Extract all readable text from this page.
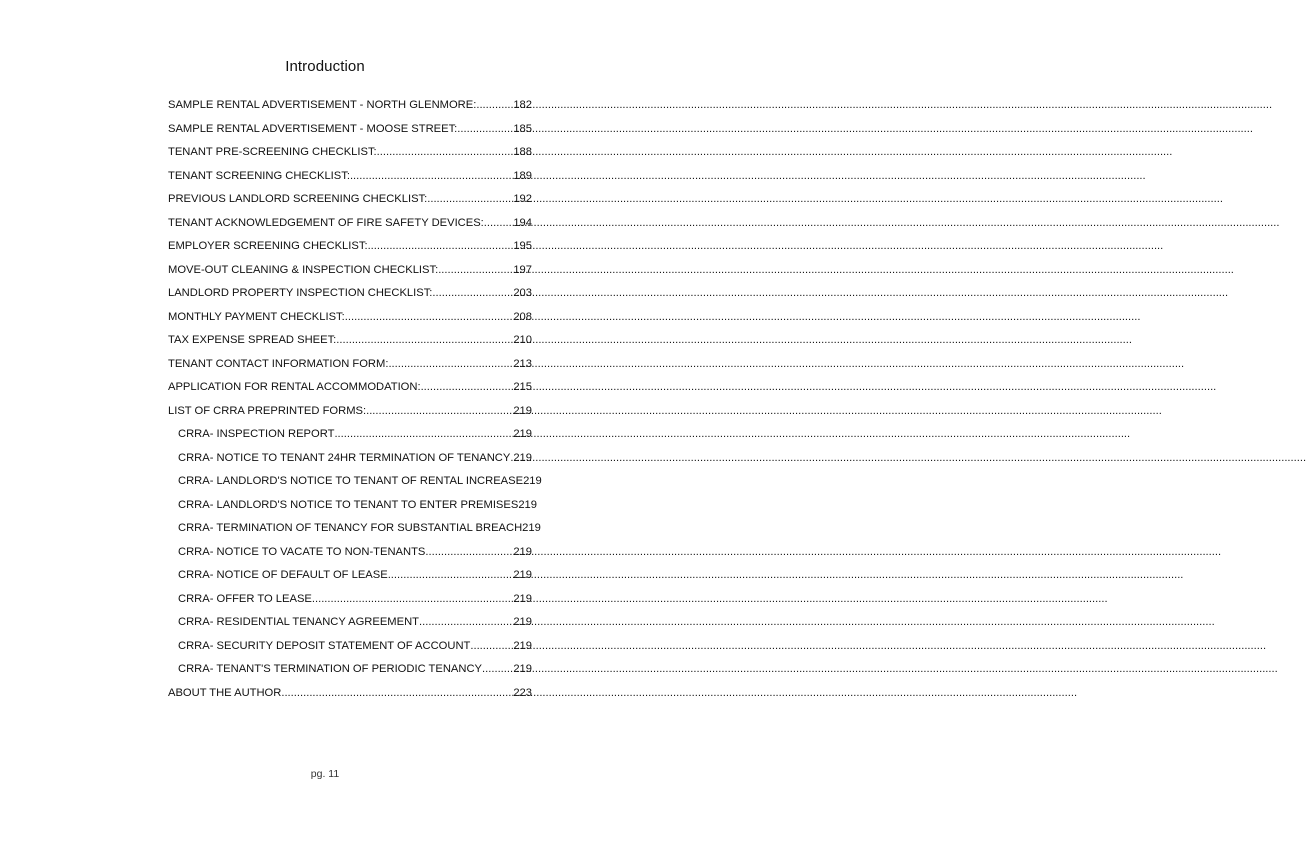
Introduction
SAMPLE RENTAL ADVERTISEMENT - NORTH GLENMORE: .....	182
SAMPLE RENTAL ADVERTISEMENT - MOOSE STREET: .....	185
TENANT PRE-SCREENING CHECKLIST: .....	188
TENANT SCREENING CHECKLIST: .....	189
PREVIOUS LANDLORD SCREENING CHECKLIST: .....	192
TENANT ACKNOWLEDGEMENT OF FIRE SAFETY DEVICES: .....	194
EMPLOYER SCREENING CHECKLIST: .....	195
MOVE-OUT CLEANING & INSPECTION CHECKLIST: .....	197
LANDLORD PROPERTY INSPECTION CHECKLIST: .....	203
MONTHLY PAYMENT CHECKLIST: .....	208
TAX EXPENSE SPREAD SHEET: .....	210
TENANT CONTACT INFORMATION FORM: .....	213
APPLICATION FOR RENTAL ACCOMMODATION: .....	215
LIST OF CRRA PREPRINTED FORMS: .....	219
CRRA- INSPECTION REPORT .....	219
CRRA- NOTICE TO TENANT 24HR TERMINATION OF TENANCY ..... 219
CRRA- LANDLORD'S NOTICE TO TENANT OF RENTAL INCREASE 219
CRRA- LANDLORD'S NOTICE TO TENANT TO ENTER PREMISES 219
CRRA- TERMINATION OF TENANCY FOR SUBSTANTIAL BREACH 219
CRRA- NOTICE TO VACATE TO NON-TENANTS .....	219
CRRA- NOTICE OF DEFAULT OF LEASE .....	219
CRRA- OFFER TO LEASE .....	219
CRRA- RESIDENTIAL TENANCY AGREEMENT .....	219
CRRA- SECURITY DEPOSIT STATEMENT OF ACCOUNT .....	219
CRRA- TENANT'S TERMINATION OF PERIODIC TENANCY .....	219
ABOUT THE AUTHOR .....	223
pg. 11
